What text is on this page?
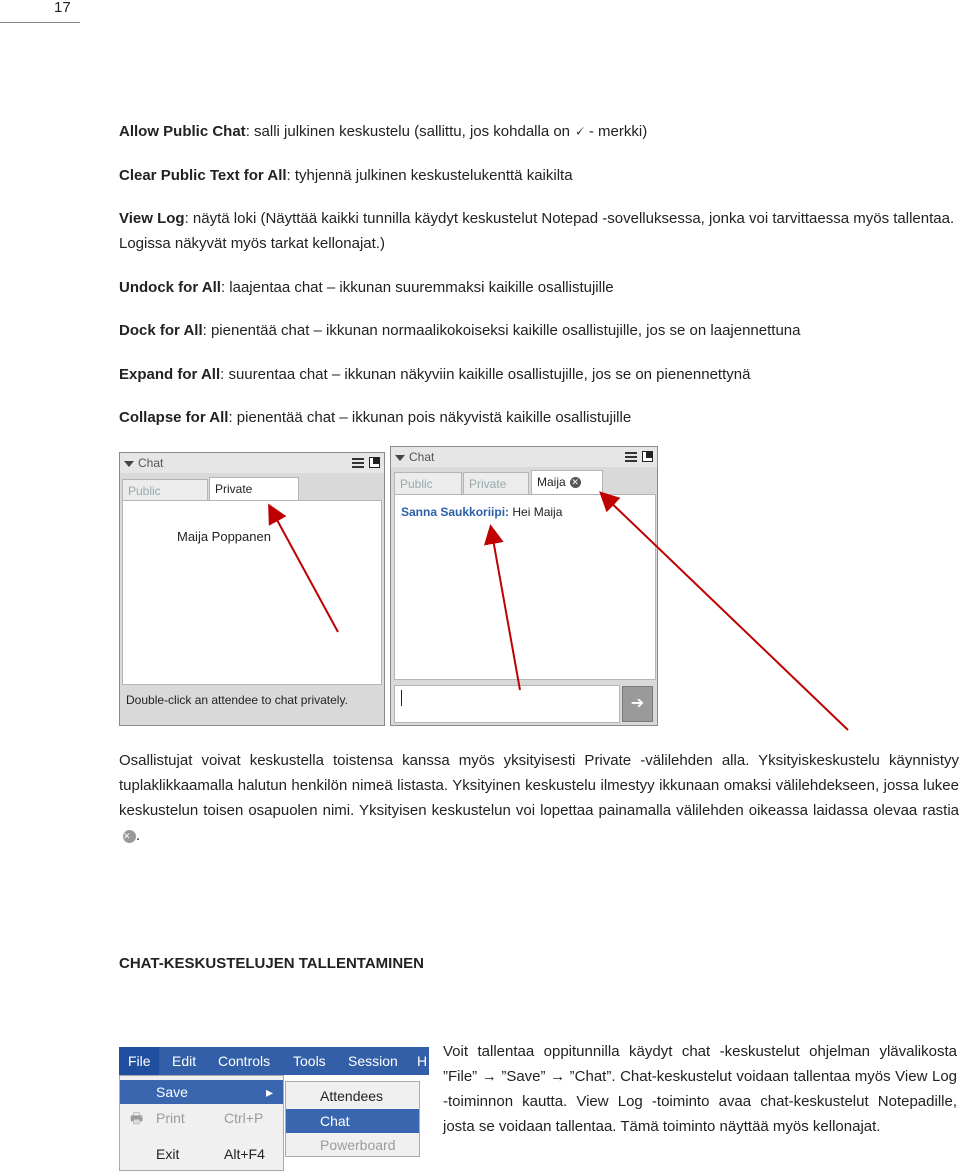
17
Allow Public Chat: salli julkinen keskustelu (sallittu, jos kohdalla on 🗸 - merkki)
Clear Public Text for All: tyhjennä julkinen keskustelukenttä kaikilta
View Log: näytä loki (Näyttää kaikki tunnilla käydyt keskustelut Notepad -sovelluksessa, jonka voi tarvittaessa myös tallentaa. Logissa näkyvät myös tarkat kellonajat.)
Undock for All: laajentaa chat – ikkunan suuremmaksi kaikille osallistujille
Dock for All: pienentää chat – ikkunan normaalikokoiseksi kaikille osallistujille, jos se on laajennettuna
Expand for All: suurentaa chat – ikkunan näkyviin kaikille osallistujille, jos se on pienennettynä
Collapse for All: pienentää chat – ikkunan pois näkyvistä kaikille osallistujille
Chat
Public	Private
Maija Poppanen
Double-click an attendee to chat privately.
Chat
Public	Private	Maija ✕
Sanna Saukkoriipi: Hei Maija
➔
Osallistujat voivat keskustella toistensa kanssa myös yksityisesti Private -välilehden alla. Yksityiskeskustelu käynnistyy tuplaklikkaamalla halutun henkilön nimeä listasta. Yksityinen keskustelu ilmestyy ikkunaan omaksi välilehdekseen, jossa lukee keskustelun toisen osapuolen nimi. Yksityisen keskustelun voi lopettaa painamalla välilehden oikeassa laidassa olevaa rastia ✕ .
CHAT-KESKUSTELUJEN TALLENTAMINEN
File	Edit Controls Tools Session H
Save	▸
🖶 Print	Ctrl+P
Exit	Alt+F4
Attendees
Chat
Powerboard
Voit tallentaa oppitunnilla käydyt chat -keskustelut ohjelman ylävalikosta ”File” → ”Save” → ”Chat”. Chat-keskustelut voidaan tallentaa myös View Log -toiminnon kautta. View Log -toiminto avaa chat-keskustelut Notepadille, josta se voidaan tallentaa. Tämä toiminto näyttää myös kellonajat.
